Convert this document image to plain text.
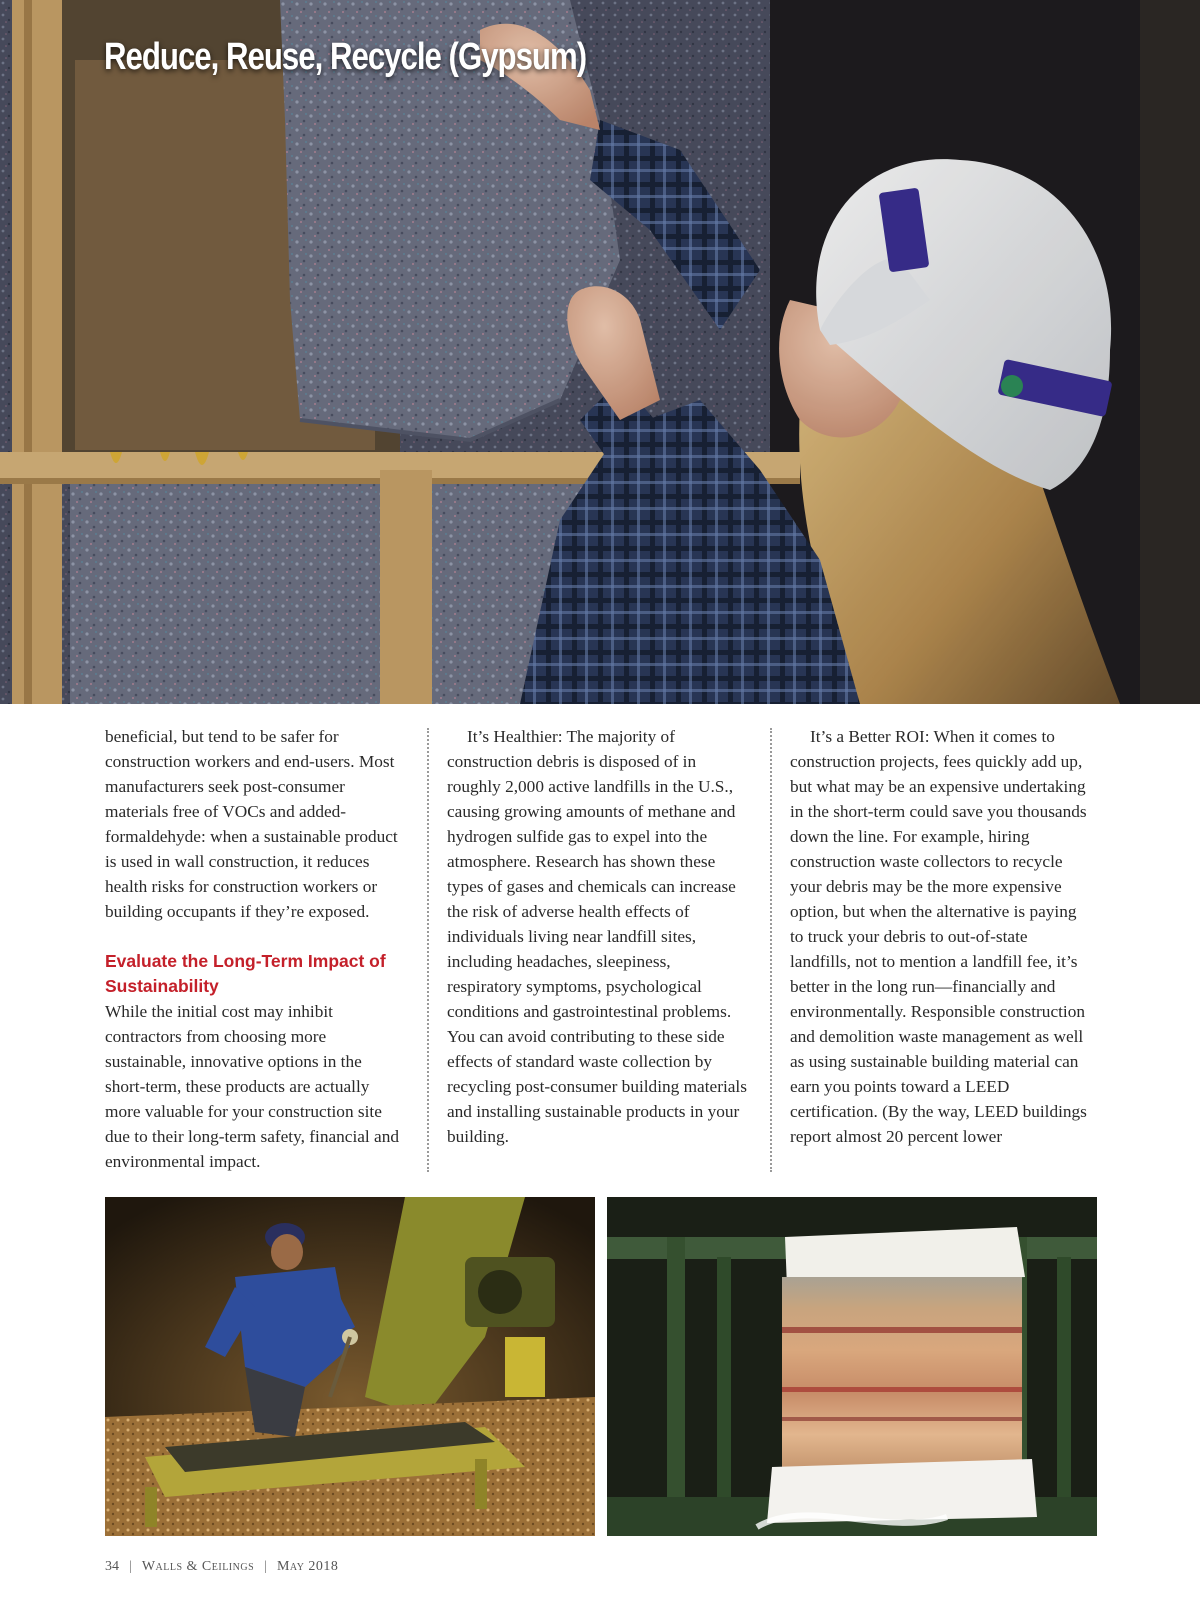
Reduce, Reuse, Recycle (Gypsum)

beneficial, but tend to be safer for construction workers and end-users. Most manufacturers seek post-consumer materials free of VOCs and added-formaldehyde: when a sustainable product is used in wall construction, it reduces health risks for construction workers or building occupants if they’re exposed.

Evaluate the Long-Term Impact of Sustainability

While the initial cost may inhibit contractors from choosing more sustainable, innovative options in the short-term, these products are actually more valuable for your construction site due to their long-term safety, financial and environmental impact.

It’s Healthier: The majority of construction debris is disposed of in roughly 2,000 active landfills in the U.S., causing growing amounts of methane and hydrogen sulfide gas to expel into the atmosphere. Research has shown these types of gases and chemicals can increase the risk of adverse health effects of individuals living near landfill sites, including headaches, sleepiness, respiratory symptoms, psychological conditions and gastrointestinal problems. You can avoid contributing to these side effects of standard waste collection by recycling post-consumer building materials and installing sustainable products in your building.

It’s a Better ROI: When it comes to construction projects, fees quickly add up, but what may be an expensive undertaking in the short-term could save you thousands down the line. For example, hiring construction waste collectors to recycle your debris may be the more expensive option, but when the alternative is paying to truck your debris to out-of-state landfills, not to mention a landfill fee, it’s better in the long run—financially and environmentally. Responsible construction and demolition waste management as well as using sustainable building material can earn you points toward a LEED certification. (By the way, LEED buildings report almost 20 percent lower

34 | Walls & Ceilings | May 2018
